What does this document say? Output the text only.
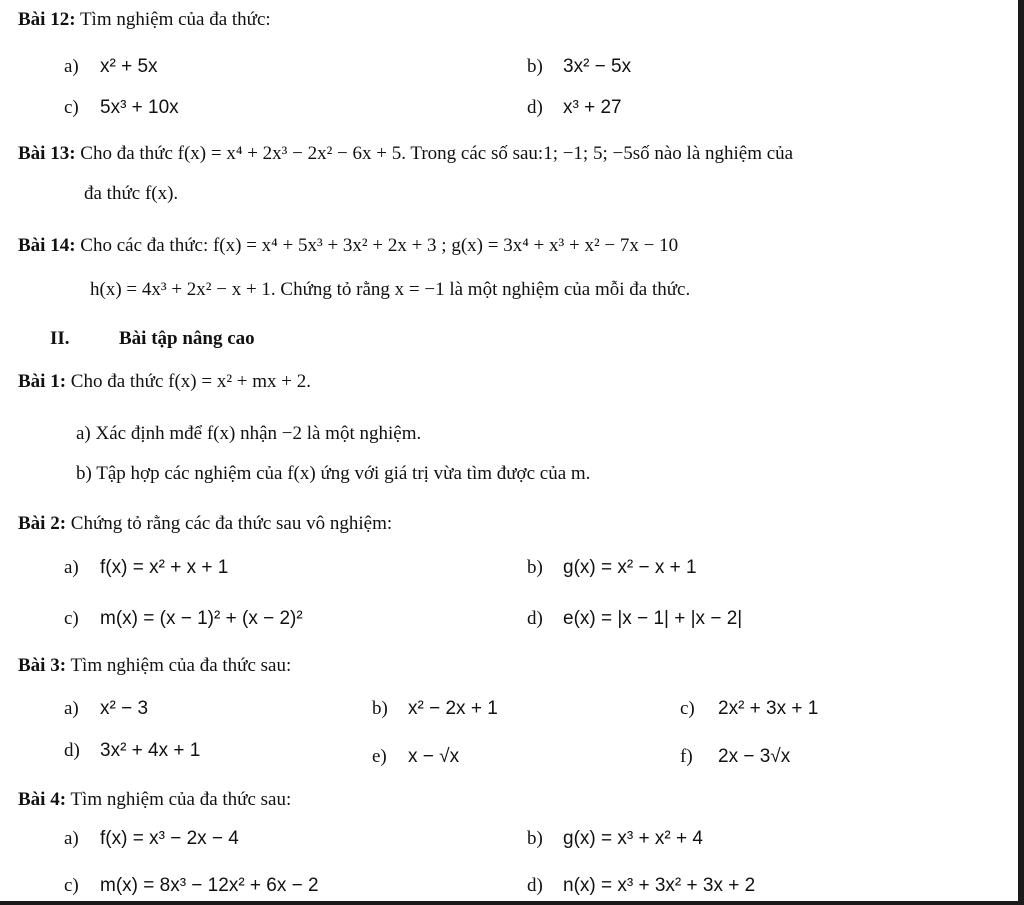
Bài 12: Tìm nghiệm của đa thức:
a) x² + 5x	b) 3x² − 5x
c) 5x³ + 10x	d) x³ + 27
Bài 13: Cho đa thức f(x) = x⁴ + 2x³ − 2x² − 6x + 5. Trong các số sau:1; −1; 5; −5số nào là nghiệm của
đa thức f(x).
Bài 14: Cho các đa thức: f(x) = x⁴ + 5x³ + 3x² + 2x + 3 ; g(x) = 3x⁴ + x³ + x² − 7x − 10
h(x) = 4x³ + 2x² − x + 1. Chứng tỏ rằng x = −1 là một nghiệm của mỗi đa thức.
II.	Bài tập nâng cao
Bài 1: Cho đa thức f(x) = x² + mx + 2.
a) Xác định mđể f(x) nhận −2 là một nghiệm.
b) Tập hợp các nghiệm của f(x) ứng với giá trị vừa tìm được của m.
Bài 2: Chứng tỏ rằng các đa thức sau vô nghiệm:
a) f(x) = x² + x + 1	b) g(x) = x² − x + 1
c) m(x) = (x − 1)² + (x − 2)²	d) e(x) = |x − 1| + |x − 2|
Bài 3: Tìm nghiệm của đa thức sau:
a) x² − 3	b) x² − 2x + 1	c) 2x² + 3x + 1
d) 3x² + 4x + 1	e) x − √x	f) 2x − 3√x
Bài 4: Tìm nghiệm của đa thức sau:
a) f(x) = x³ − 2x − 4	b) g(x) = x³ + x² + 4
c) m(x) = 8x³ − 12x² + 6x − 2	d) n(x) = x³ + 3x² + 3x + 2
